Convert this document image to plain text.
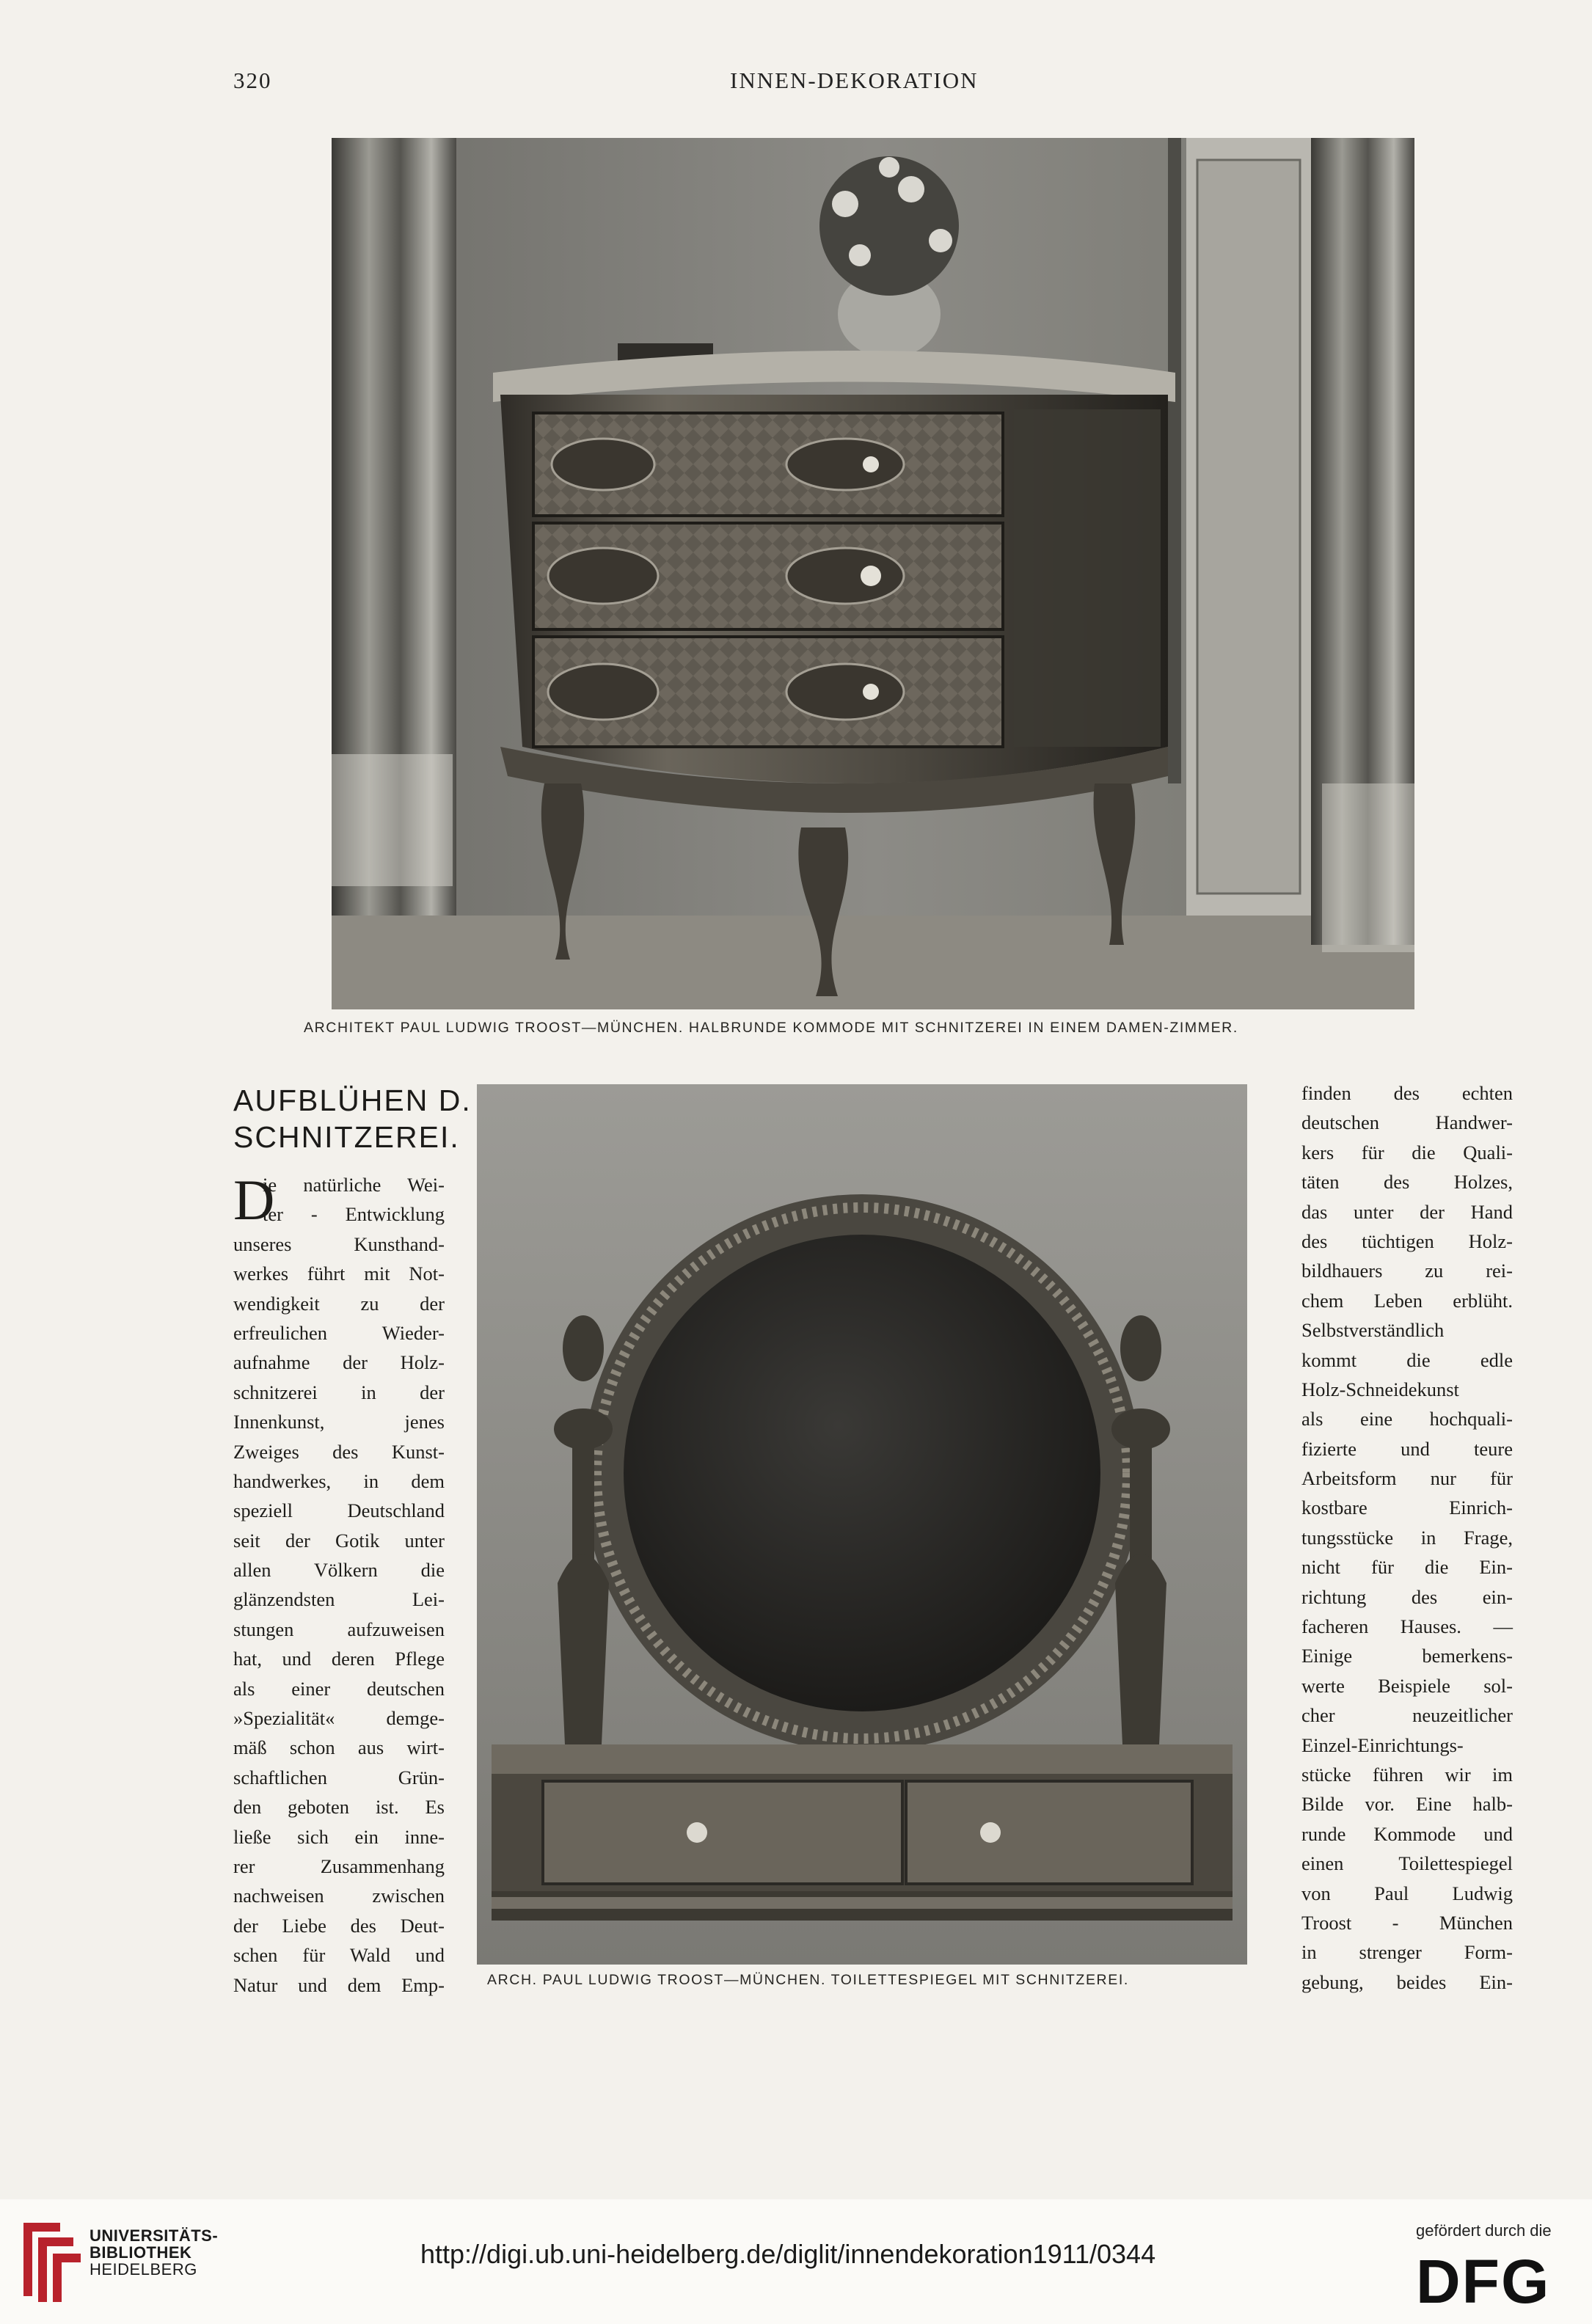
320	INNEN-DEKORATION
ARCHITEKT PAUL LUDWIG TROOST—MÜNCHEN. HALBRUNDE KOMMODE MIT SCHNITZEREI IN EINEM DAMEN-ZIMMER.
AUFBLÜHEN D.
SCHNITZEREI.
D
ie natürliche Wei-
ter - Entwicklung
unseres Kunsthand-
werkes führt mit Not-
wendigkeit zu der
erfreulichen Wieder-
aufnahme der Holz-
schnitzerei in der
Innenkunst, jenes
Zweiges des Kunst-
handwerkes, in dem
speziell Deutschland
seit der Gotik unter
allen Völkern die
glänzendsten Lei-
stungen aufzuweisen
hat, und deren Pflege
als einer deutschen
»Spezialität« demge-
mäß schon aus wirt-
schaftlichen Grün-
den geboten ist. Es
ließe sich ein inne-
rer Zusammenhang
nachweisen zwischen
der Liebe des Deut-
schen für Wald und
Natur und dem Emp-	ARCH. PAUL LUDWIG TROOST—MÜNCHEN. TOILETTESPIEGEL MIT SCHNITZEREI.
finden des echten
deutschen Handwer-
kers für die Quali-
täten des Holzes,
das unter der Hand
des tüchtigen Holz-
bildhauers zu rei-
chem Leben erblüht.
Selbstverständlich
kommt die edle
Holz-Schneidekunst
als eine hochquali-
fizierte und teure
Arbeitsform nur für
kostbare Einrich-
tungsstücke in Frage,
nicht für die Ein-
richtung des ein-
facheren Hauses. —
Einige bemerkens-
werte Beispiele sol-
cher neuzeitlicher
Einzel-Einrichtungs-
stücke führen wir im
Bilde vor. Eine halb-
runde Kommode und
einen Toilettespiegel
von Paul Ludwig
Troost - München
in strenger Form-
gebung, beides Ein-
UNIVERSITÄTS-
BIBLIOTHEK
HEIDELBERG
http://digi.ub.uni-heidelberg.de/diglit/innendekoration1911/0344
gefördert durch die
DFG
